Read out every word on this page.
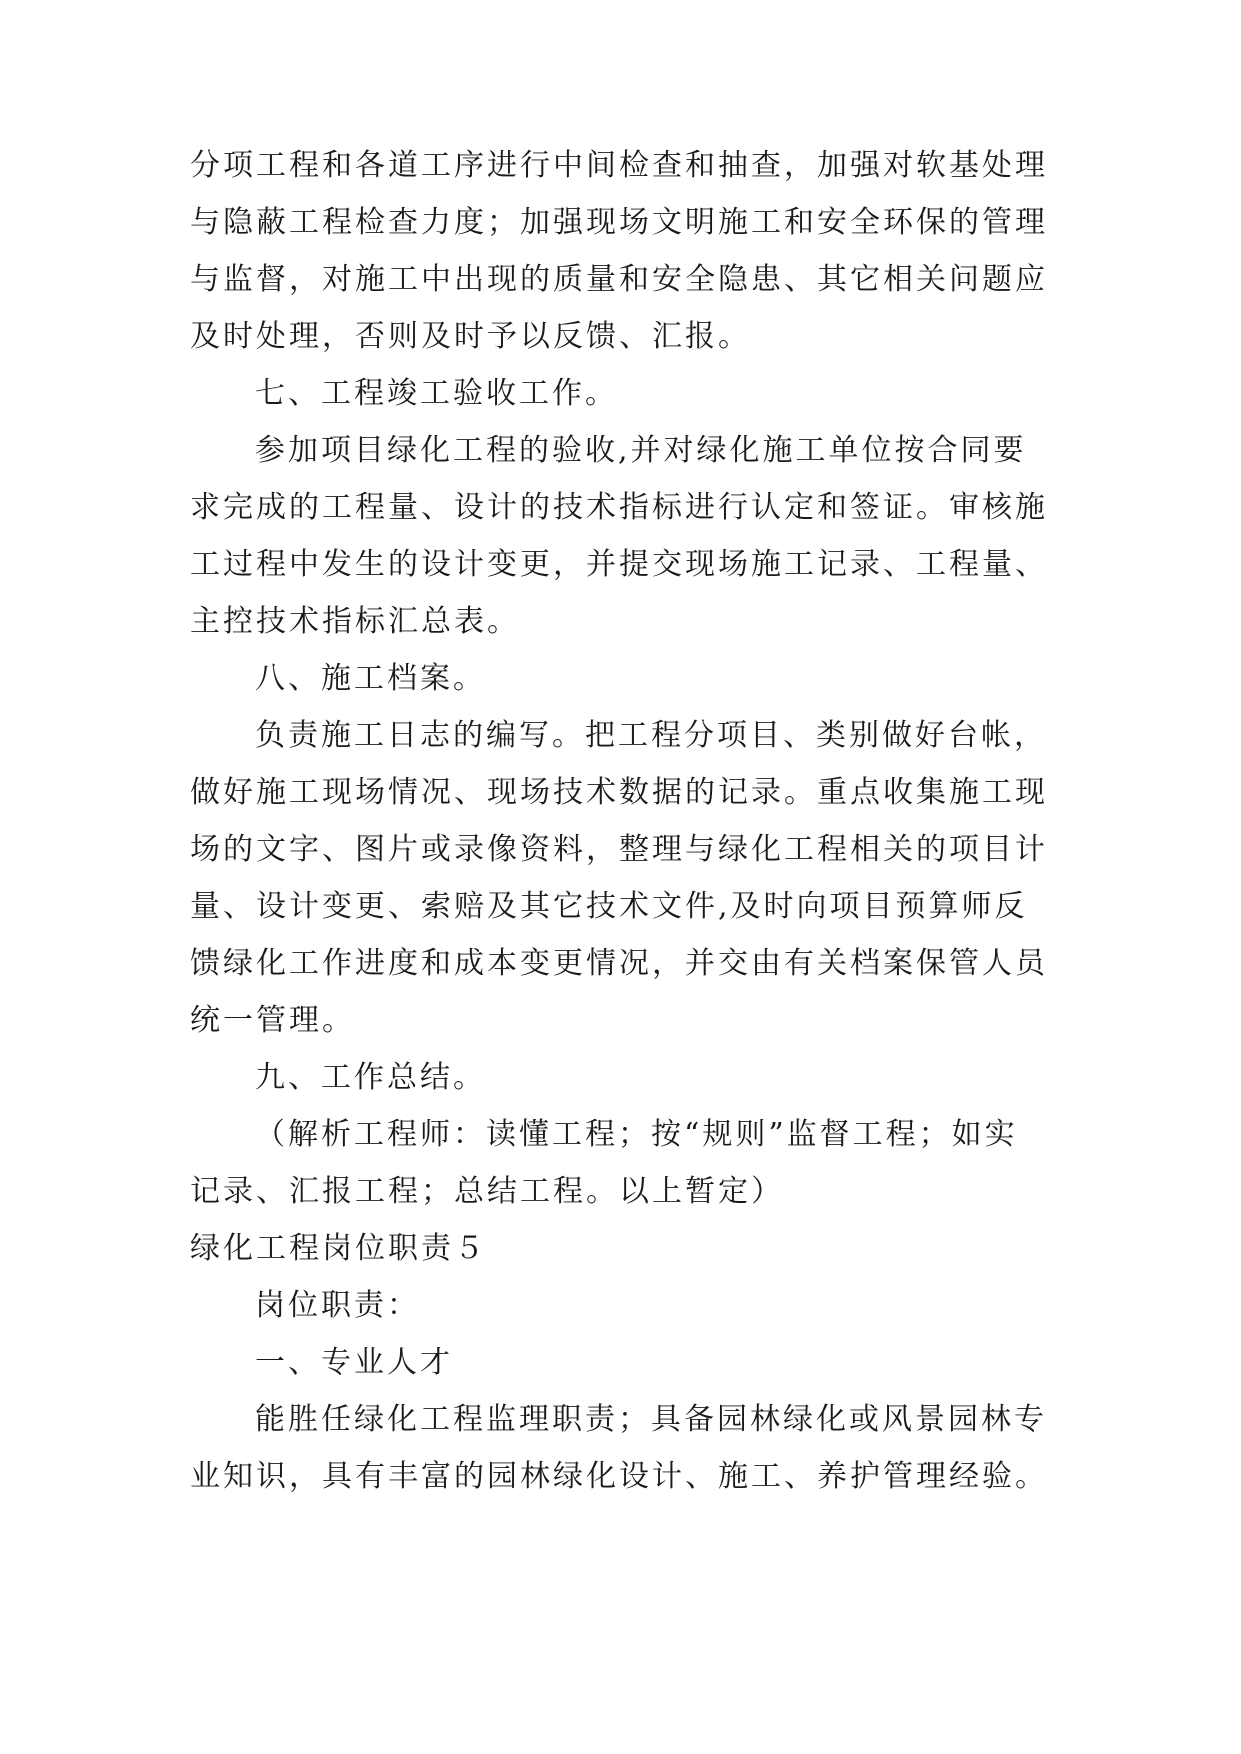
分项工程和各道工序进行中间检查和抽查，加强对软基处理
与隐蔽工程检查力度；加强现场文明施工和安全环保的管理
与监督，对施工中出现的质量和安全隐患、其它相关问题应
及时处理，否则及时予以反馈、汇报。
七、工程竣工验收工作。
参加项目绿化工程的验收,并对绿化施工单位按合同要
求完成的工程量、设计的技术指标进行认定和签证。审核施
工过程中发生的设计变更，并提交现场施工记录、工程量、
主控技术指标汇总表。
八、施工档案。
负责施工日志的编写。把工程分项目、类别做好台帐，
做好施工现场情况、现场技术数据的记录。重点收集施工现
场的文字、图片或录像资料，整理与绿化工程相关的项目计
量、设计变更、索赔及其它技术文件,及时向项目预算师反
馈绿化工作进度和成本变更情况，并交由有关档案保管人员
统一管理。
九、工作总结。
（解析工程师：读懂工程；按“规则”监督工程；如实
记录、汇报工程；总结工程。以上暂定）
绿化工程岗位职责５
岗位职责：
一、专业人才
能胜任绿化工程监理职责；具备园林绿化或风景园林专
业知识，具有丰富的园林绿化设计、施工、养护管理经验。
